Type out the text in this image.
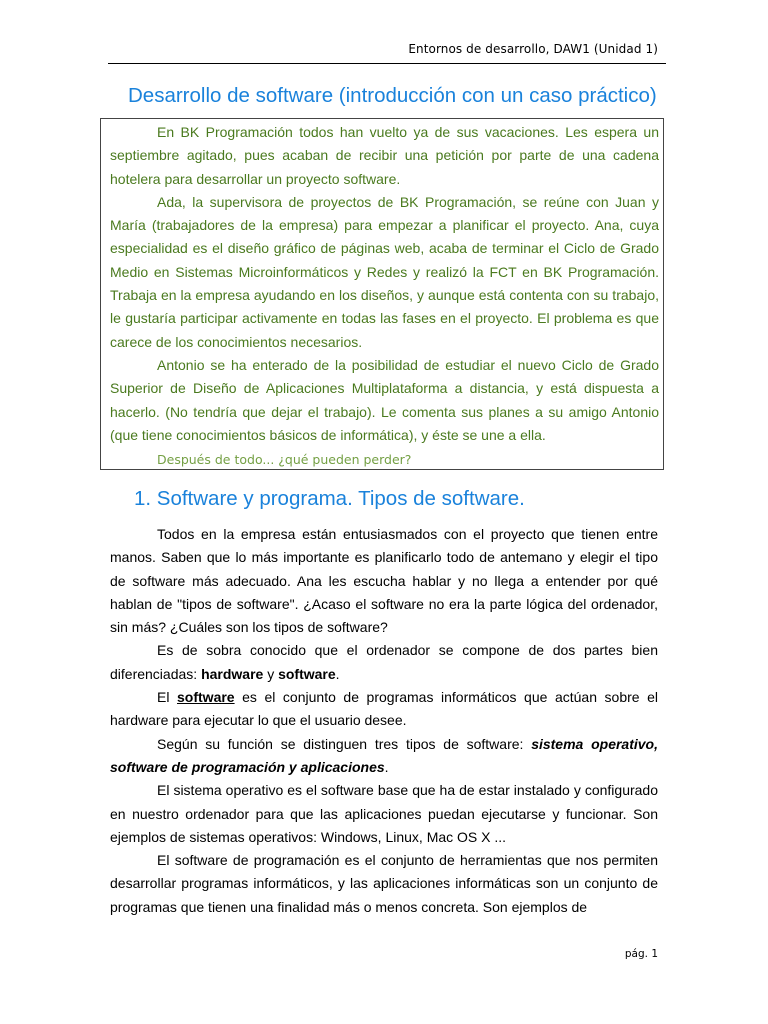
Entornos de desarrollo, DAW1 (Unidad 1)
Desarrollo de software (introducción con un caso práctico)

En BK Programación todos han vuelto ya de sus vacaciones. Les espera un septiembre agitado, pues acaban de recibir una petición por parte de una cadena hotelera para desarrollar un proyecto software.

Ada, la supervisora de proyectos de BK Programación, se reúne con Juan y María (trabajadores de la empresa) para empezar a planificar el proyecto. Ana, cuya especialidad es el diseño gráfico de páginas web, acaba de terminar el Ciclo de Grado Medio en Sistemas Microinformáticos y Redes y realizó la FCT en BK Programación. Trabaja en la empresa ayudando en los diseños, y aunque está contenta con su trabajo, le gustaría participar activamente en todas las fases en el proyecto. El problema es que carece de los conocimientos necesarios.

Antonio se ha enterado de la posibilidad de estudiar el nuevo Ciclo de Grado Superior de Diseño de Aplicaciones Multiplataforma a distancia, y está dispuesta a hacerlo. (No tendría que dejar el trabajo). Le comenta sus planes a su amigo Antonio (que tiene conocimientos básicos de informática), y éste se une a ella.

Después de todo... ¿qué pueden perder?

1. Software y programa. Tipos de software.

Todos en la empresa están entusiasmados con el proyecto que tienen entre manos. Saben que lo más importante es planificarlo todo de antemano y elegir el tipo de software más adecuado. Ana les escucha hablar y no llega a entender por qué hablan de "tipos de software". ¿Acaso el software no era la parte lógica del ordenador, sin más? ¿Cuáles son los tipos de software?

Es de sobra conocido que el ordenador se compone de dos partes bien diferenciadas: hardware y software.

El software es el conjunto de programas informáticos que actúan sobre el hardware para ejecutar lo que el usuario desee.

Según su función se distinguen tres tipos de software: sistema operativo, software de programación y aplicaciones.

El sistema operativo es el software base que ha de estar instalado y configurado en nuestro ordenador para que las aplicaciones puedan ejecutarse y funcionar. Son ejemplos de sistemas operativos: Windows, Linux, Mac OS X ...

El software de programación es el conjunto de herramientas que nos permiten desarrollar programas informáticos, y las aplicaciones informáticas son un conjunto de programas que tienen una finalidad más o menos concreta. Son ejemplos de

pág. 1
